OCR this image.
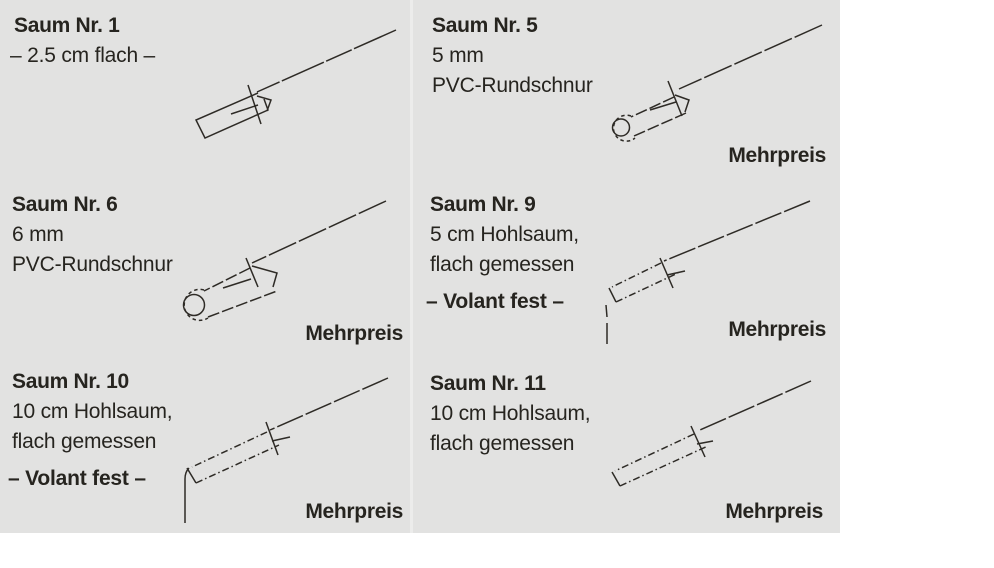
Saum Nr. 1

– 2.5 cm flach –

Saum Nr. 5

5 mm

PVC-Rundschnur

Saum Nr. 6

6 mm

PVC-Rundschnur

Saum Nr. 9

5 cm Hohlsaum,

flach gemessen

– Volant fest –

Saum Nr. 10

10 cm Hohlsaum,

flach gemessen

– Volant fest –

Saum Nr. 11

10 cm Hohlsaum,

flach gemessen

Mehrpreis
Mehrpreis	Mehrpreis
Mehrpreis	Mehrpreis
